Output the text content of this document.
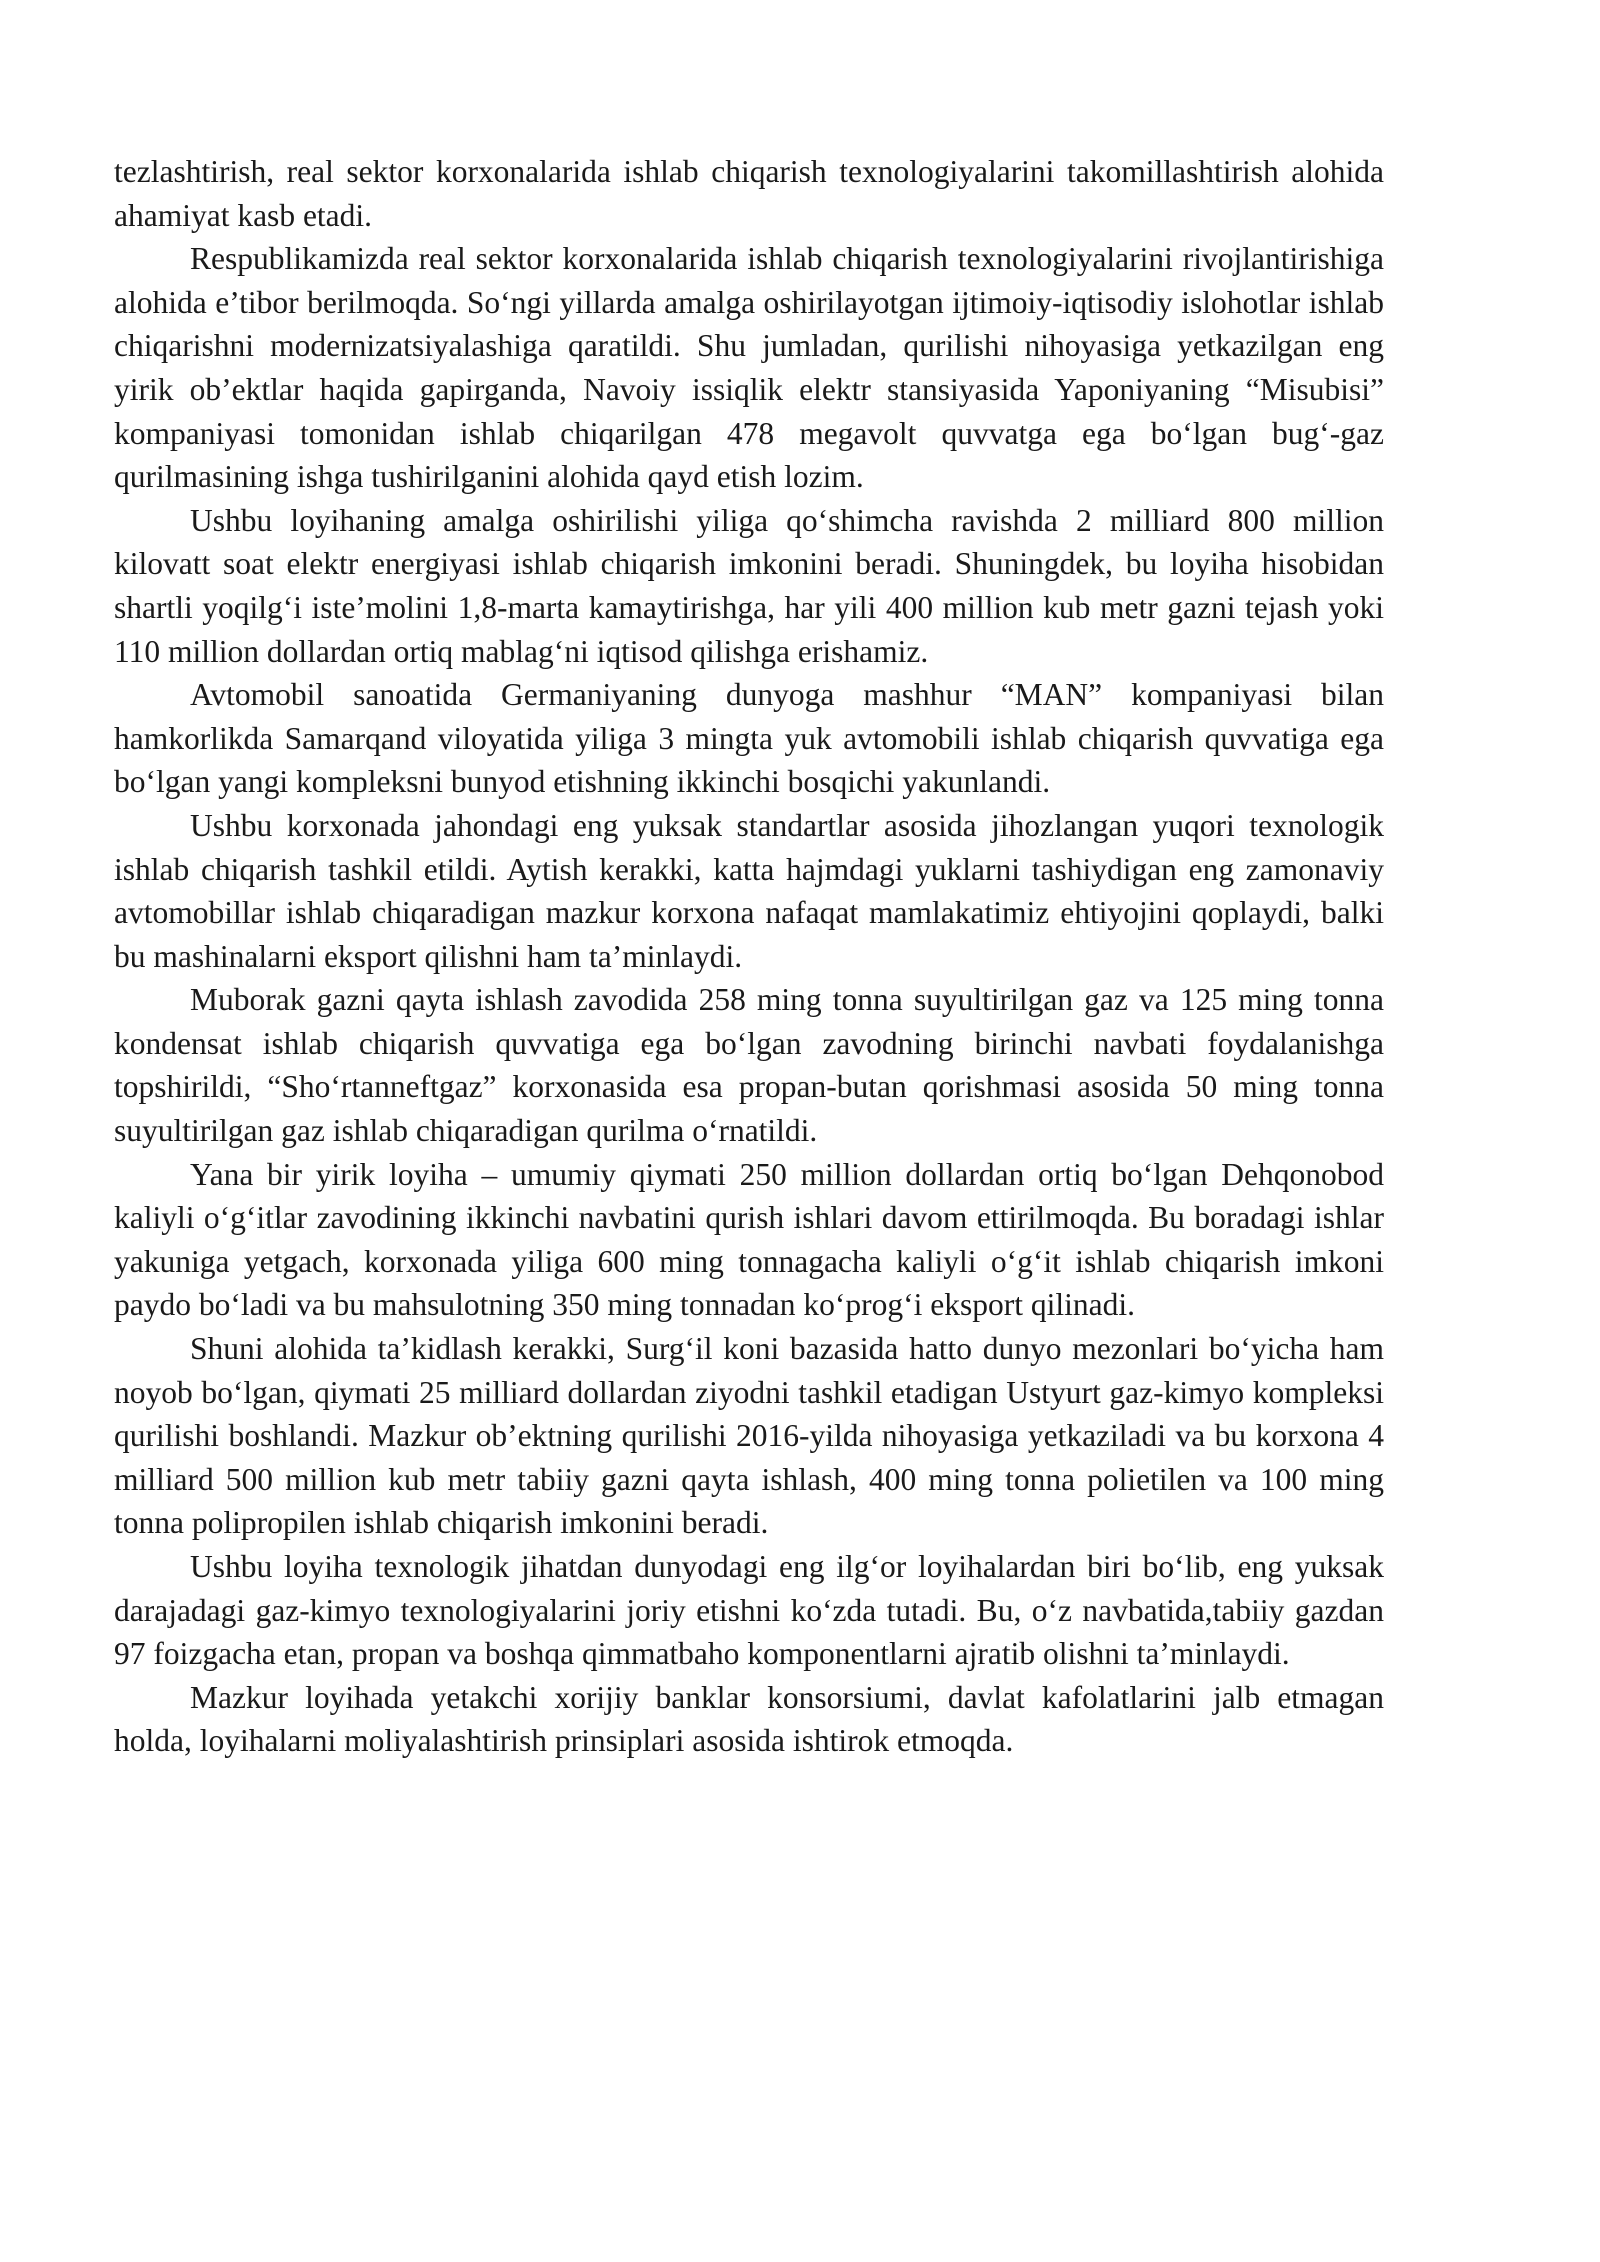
tezlashtirish, real sektor korxonalarida ishlab chiqarish texnologiyalarini takomillashtirish alohida ahamiyat kasb etadi.

Respublikamizda real sektor korxonalarida ishlab chiqarish texnologiyalarini rivojlantirishiga alohida e’tibor berilmoqda. So‘ngi yillarda amalga oshirilayotgan ijtimoiy-iqtisodiy islohotlar ishlab chiqarishni modernizatsiyalashiga qaratildi. Shu jumladan, qurilishi nihoyasiga yetkazilgan eng yirik ob’ektlar haqida gapirganda, Navoiy issiqlik elektr stansiyasida Yaponiyaning “Misubisi” kompaniyasi tomonidan ishlab chiqarilgan 478 megavolt quvvatga ega bo‘lgan bug‘-gaz qurilmasining ishga tushirilganini alohida qayd etish lozim.

Ushbu loyihaning amalga oshirilishi yiliga qo‘shimcha ravishda 2 milliard 800 million kilovatt soat elektr energiyasi ishlab chiqarish imkonini beradi. Shuningdek, bu loyiha hisobidan shartli yoqilg‘i iste’molini 1,8-marta kamaytirishga, har yili 400 million kub metr gazni tejash yoki 110 million dollardan ortiq mablag‘ni iqtisod qilishga erishamiz.

Avtomobil sanoatida Germaniyaning dunyoga mashhur “MAN” kompaniyasi bilan hamkorlikda Samarqand viloyatida yiliga 3 mingta yuk avtomobili ishlab chiqarish quvvatiga ega bo‘lgan yangi kompleksni bunyod etishning ikkinchi bosqichi yakunlandi.

Ushbu korxonada jahondagi eng yuksak standartlar asosida jihozlangan yuqori texnologik ishlab chiqarish tashkil etildi. Aytish kerakki, katta hajmdagi yuklarni tashiydigan eng zamonaviy avtomobillar ishlab chiqaradigan mazkur korxona nafaqat mamlakatimiz ehtiyojini qoplaydi, balki bu mashinalarni eksport qilishni ham ta’minlaydi.

Muborak gazni qayta ishlash zavodida 258 ming tonna suyultirilgan gaz va 125 ming tonna kondensat ishlab chiqarish quvvatiga ega bo‘lgan zavodning birinchi navbati foydalanishga topshirildi, “Sho‘rtanneftgaz” korxonasida esa propan-butan qorishmasi asosida 50 ming tonna suyultirilgan gaz ishlab chiqaradigan qurilma o‘rnatildi.

Yana bir yirik loyiha – umumiy qiymati 250 million dollardan ortiq bo‘lgan Dehqonobod kaliyli o‘g‘itlar zavodining ikkinchi navbatini qurish ishlari davom ettirilmoqda. Bu boradagi ishlar yakuniga yetgach, korxonada yiliga 600 ming tonnagacha kaliyli o‘g‘it ishlab chiqarish imkoni paydo bo‘ladi va bu mahsulotning 350 ming tonnadan ko‘prog‘i eksport qilinadi.

Shuni alohida ta’kidlash kerakki, Surg‘il koni bazasida hatto dunyo mezonlari bo‘yicha ham noyob bo‘lgan, qiymati 25 milliard dollardan ziyodni tashkil etadigan Ustyurt gaz-kimyo kompleksi qurilishi boshlandi. Mazkur ob’ektning qurilishi 2016-yilda nihoyasiga yetkaziladi va bu korxona 4 milliard 500 million kub metr tabiiy gazni qayta ishlash, 400 ming tonna polietilen va 100 ming tonna polipropilen ishlab chiqarish imkonini beradi.

Ushbu loyiha texnologik jihatdan dunyodagi eng ilg‘or loyihalardan biri bo‘lib, eng yuksak darajadagi gaz-kimyo texnologiyalarini joriy etishni ko‘zda tutadi. Bu, o‘z navbatida,tabiiy gazdan 97 foizgacha etan, propan va boshqa qimmatbaho komponentlarni ajratib olishni ta’minlaydi.

Mazkur loyihada yetakchi xorijiy banklar konsorsiumi, davlat kafolatlarini jalb etmagan holda, loyihalarni moliyalashtirish prinsiplari asosida ishtirok etmoqda.
